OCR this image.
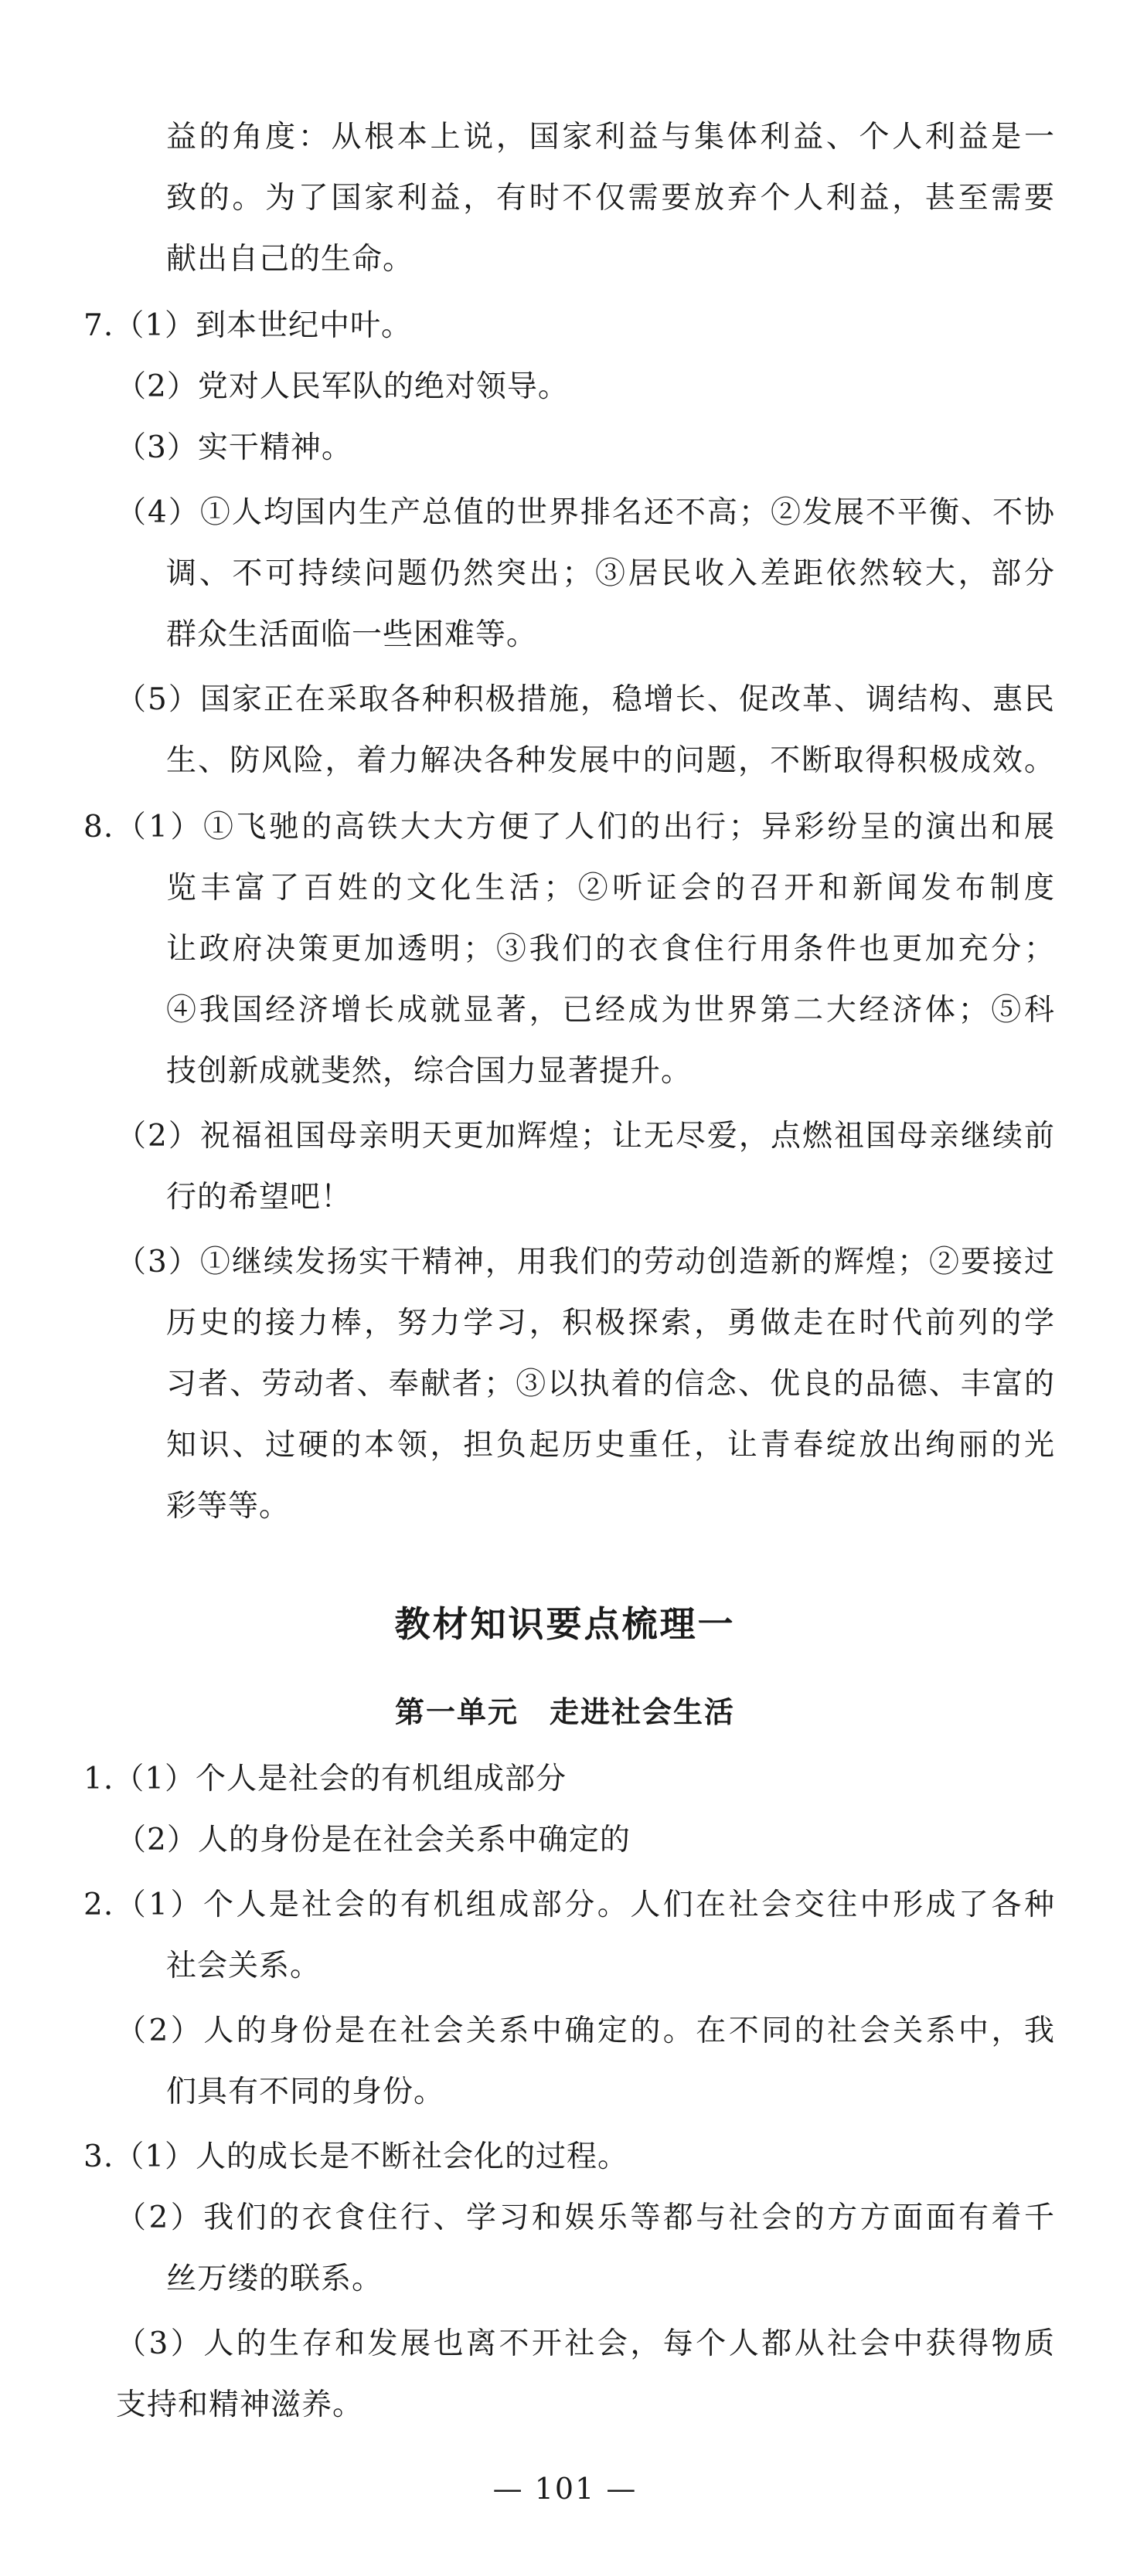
益的角度：从根本上说，国家利益与集体利益、个人利益是一
致的。为了国家利益，有时不仅需要放弃个人利益，甚至需要
献出自己的生命。
7.（1）到本世纪中叶。
（2）党对人民军队的绝对领导。
（3）实干精神。
（4）①人均国内生产总值的世界排名还不高；②发展不平衡、不协
调、不可持续问题仍然突出；③居民收入差距依然较大，部分
群众生活面临一些困难等。
（5）国家正在采取各种积极措施，稳增长、促改革、调结构、惠民
生、防风险，着力解决各种发展中的问题，不断取得积极成效。
8.（1）①飞驰的高铁大大方便了人们的出行；异彩纷呈的演出和展
览丰富了百姓的文化生活；②听证会的召开和新闻发布制度
让政府决策更加透明；③我们的衣食住行用条件也更加充分；
④我国经济增长成就显著，已经成为世界第二大经济体；⑤科
技创新成就斐然，综合国力显著提升。
（2）祝福祖国母亲明天更加辉煌；让无尽爱，点燃祖国母亲继续前
行的希望吧！
（3）①继续发扬实干精神，用我们的劳动创造新的辉煌；②要接过
历史的接力棒，努力学习，积极探索，勇做走在时代前列的学
习者、劳动者、奉献者；③以执着的信念、优良的品德、丰富的
知识、过硬的本领，担负起历史重任，让青春绽放出绚丽的光
彩等等。
教材知识要点梳理一
第一单元　走进社会生活
1.（1）个人是社会的有机组成部分
（2）人的身份是在社会关系中确定的
2.（1）个人是社会的有机组成部分。人们在社会交往中形成了各种
社会关系。
（2）人的身份是在社会关系中确定的。在不同的社会关系中，我
们具有不同的身份。
3.（1）人的成长是不断社会化的过程。
（2）我们的衣食住行、学习和娱乐等都与社会的方方面面有着千
丝万缕的联系。
（3）人的生存和发展也离不开社会，每个人都从社会中获得物质
支持和精神滋养。
— 101 —
